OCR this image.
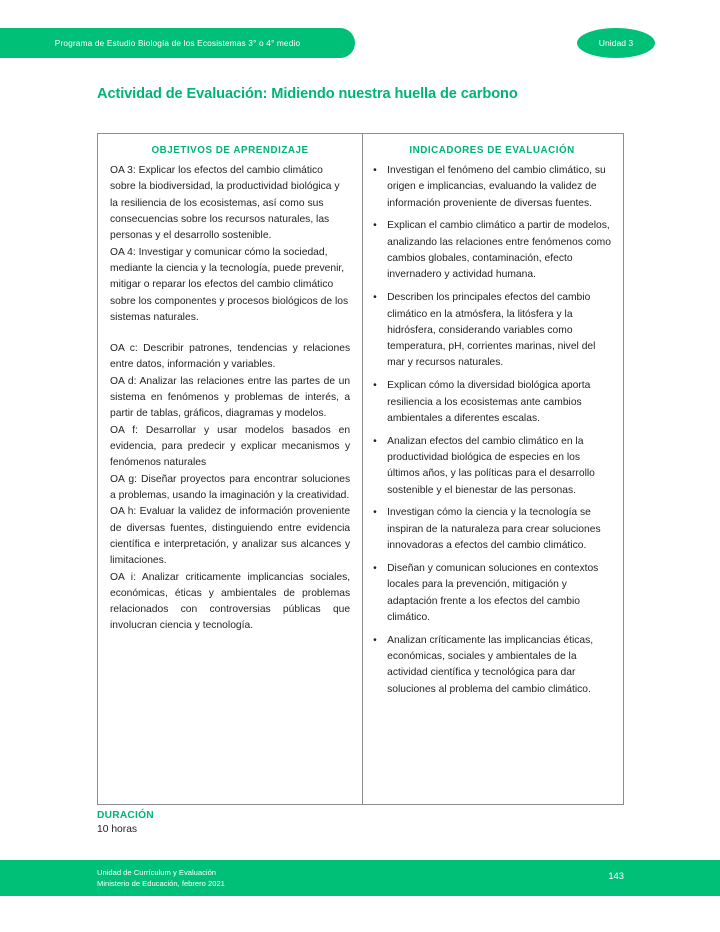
Programa de Estudio Biología de los Ecosistemas 3° o 4° medio	Unidad 3
Actividad de Evaluación: Midiendo nuestra huella de carbono
OBJETIVOS DE APRENDIZAJE

OA 3: Explicar los efectos del cambio climático sobre la biodiversidad, la productividad biológica y la resiliencia de los ecosistemas, así como sus consecuencias sobre los recursos naturales, las personas y el desarrollo sostenible.

OA 4: Investigar y comunicar cómo la sociedad, mediante la ciencia y la tecnología, puede prevenir, mitigar o reparar los efectos del cambio climático sobre los componentes y procesos biológicos de los sistemas naturales.

OA c: Describir patrones, tendencias y relaciones entre datos, información y variables.

OA d: Analizar las relaciones entre las partes de un sistema en fenómenos y problemas de interés, a partir de tablas, gráficos, diagramas y modelos.

OA f: Desarrollar y usar modelos basados en evidencia, para predecir y explicar mecanismos y fenómenos naturales

OA g: Diseñar proyectos para encontrar soluciones a problemas, usando la imaginación y la creatividad.

OA h: Evaluar la validez de información proveniente de diversas fuentes, distinguiendo entre evidencia científica e interpretación, y analizar sus alcances y limitaciones.

OA i: Analizar criticamente implicancias sociales, económicas, éticas y ambientales de problemas relacionados con controversias públicas que involucran ciencia y tecnología.

INDICADORES DE EVALUACIÓN
• Investigan el fenómeno del cambio climático, su origen e implicancias, evaluando la validez de información proveniente de diversas fuentes.
• Explican el cambio climático a partir de modelos, analizando las relaciones entre fenómenos como cambios globales, contaminación, efecto invernadero y actividad humana.
• Describen los principales efectos del cambio climático en la atmósfera, la litósfera y la hidrósfera, considerando variables como temperatura, pH, corrientes marinas, nivel del mar y recursos naturales.
• Explican cómo la diversidad biológica aporta resiliencia a los ecosistemas ante cambios ambientales a diferentes escalas.
• Analizan efectos del cambio climático en la productividad biológica de especies en los últimos años, y las políticas para el desarrollo sostenible y el bienestar de las personas.
• Investigan cómo la ciencia y la tecnología se inspiran de la naturaleza para crear soluciones innovadoras a efectos del cambio climático.
• Diseñan y comunican soluciones en contextos locales para la prevención, mitigación y adaptación frente a los efectos del cambio climático.
• Analizan críticamente las implicancias éticas, económicas, sociales y ambientales de la actividad científica y tecnológica para dar soluciones al problema del cambio climático.
DURACIÓN
10 horas
Unidad de Currículum y Evaluación
Ministerio de Educación, febrero 2021
143
